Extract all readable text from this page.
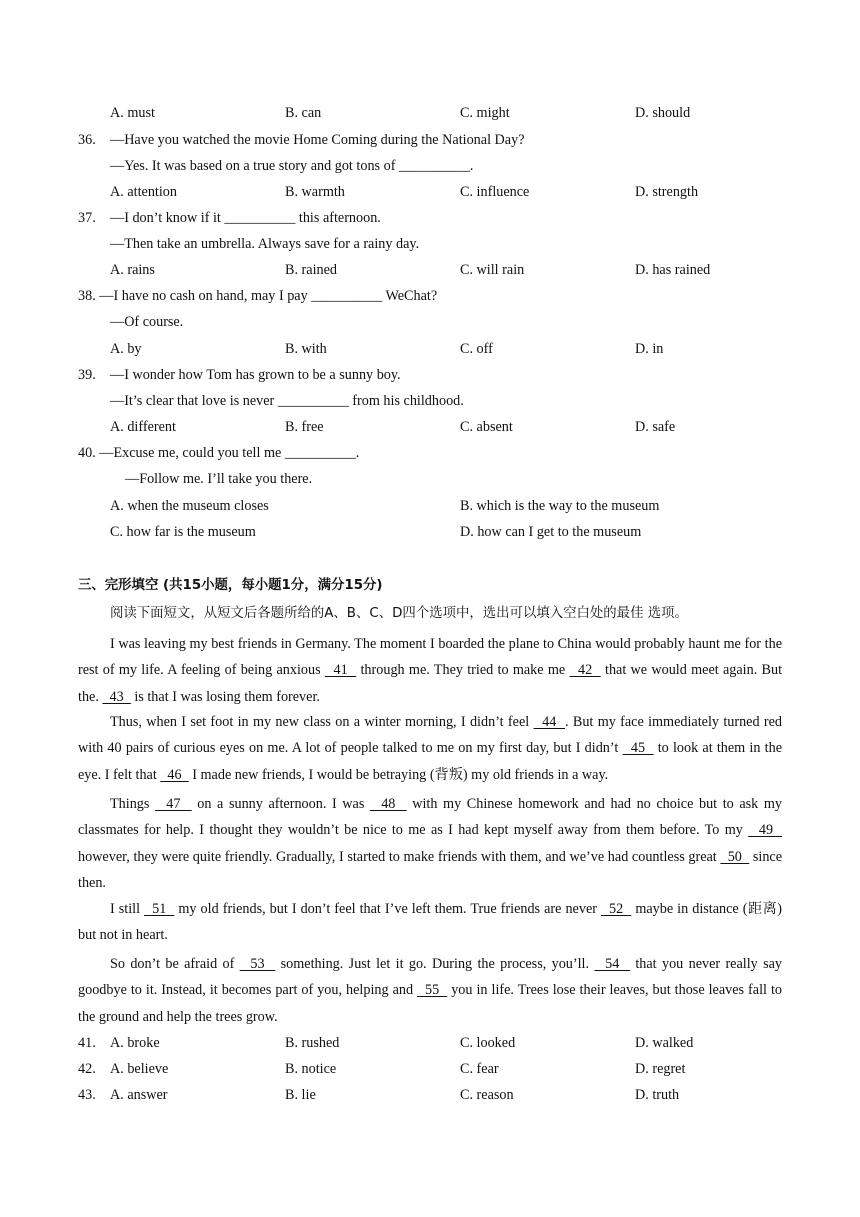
A. must	B. can	C. might	D. should
36. —Have you watched the movie Home Coming during the National Day?
—Yes. It was based on a true story and got tons of __________.
A. attention	B. warmth	C. influence	D. strength
37. —I don’t know if it __________ this afternoon.
—Then take an umbrella. Always save for a rainy day.
A. rains	B. rained	C. will rain	D. has rained
38. —I have no cash on hand, may I pay __________ WeChat?
—Of course.
A. by	B. with	C. off	D. in
39. —I wonder how Tom has grown to be a sunny boy.
—It’s clear that love is never __________ from his childhood.
A. different	B. free	C. absent	D. safe
40. —Excuse me, could you tell me __________.
—Follow me. I’ll take you there.
A. when the museum closes	B. which is the way to the museum
C. how far is the museum	D. how can I get to the museum
三、完形填空 (共15小题，每小题1分，满分15分)
阅读下面短文，从短文后各题所给的A、B、C、D四个选项中，选出可以填入空白处的最佳 选项。
I was leaving my best friends in Germany. The moment I boarded the plane to China would probably haunt me for the rest of my life. A feeling of being anxious   41   through me. They tried to make me   42   that we would meet again. But the.   43   is that I was losing them forever.
Thus, when I set foot in my new class on a winter morning, I didn’t feel   44  . But my face immediately turned red with 40 pairs of curious eyes on me. A lot of people talked to me on my first day, but I didn’t   45   to look at them in the eye. I felt that   46   I made new friends, I would be betraying (背叛) my old friends in a way.
Things   47   on a sunny afternoon. I was   48   with my Chinese homework and had no choice but to ask my classmates for help. I thought they wouldn’t be nice to me as I had kept myself away from them before. To my   49   however, they were quite friendly. Gradually, I started to make friends with them, and we’ve had countless great   50   since then.
I still   51   my old friends, but I don’t feel that I’ve left them. True friends are never   52   maybe in distance (距离) but not in heart.
So don’t be afraid of   53   something. Just let it go. During the process, you’ll.   54   that you never really say goodbye to it. Instead, it becomes part of you, helping and   55   you in life. Trees lose their leaves, but those leaves fall to the ground and help the trees grow.
41. A. broke	B. rushed	C. looked	D. walked
42. A. believe	B. notice	C. fear	D. regret
43. A. answer	B. lie	C. reason	D. truth
